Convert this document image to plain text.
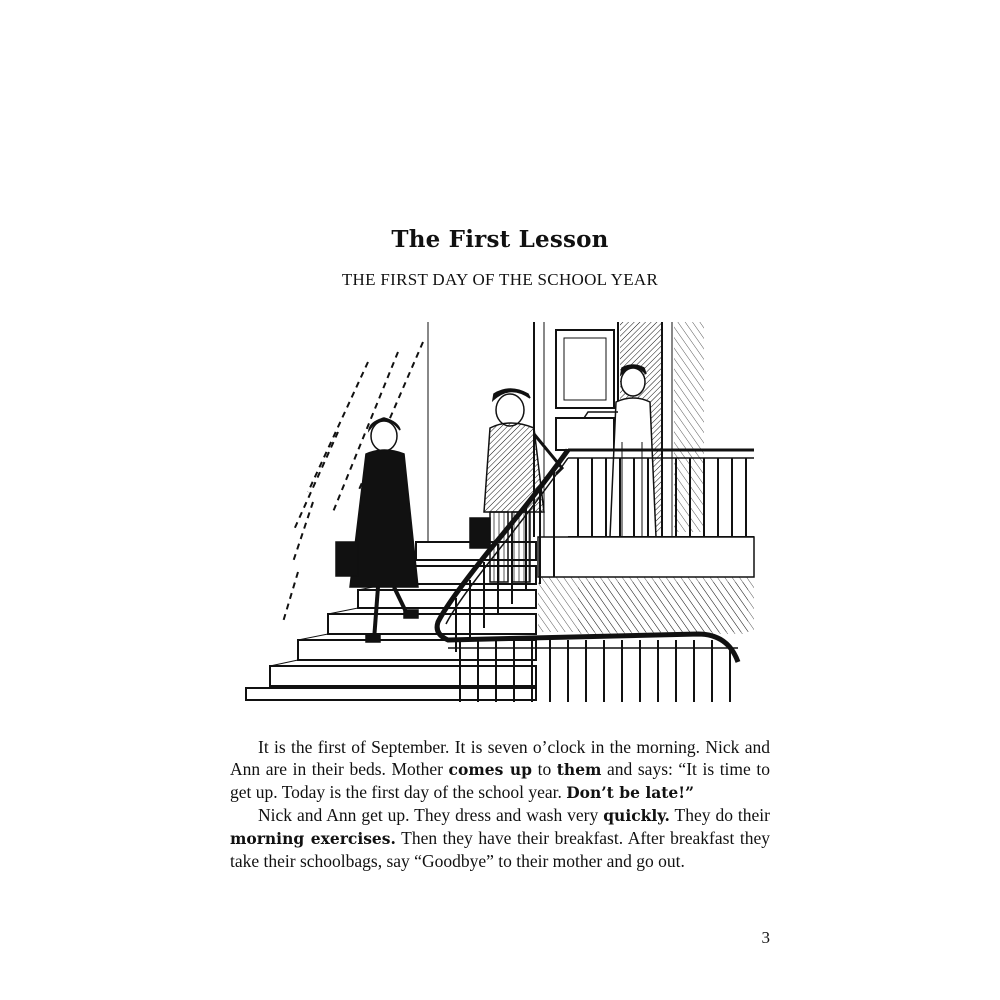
The First Lesson
THE FIRST DAY OF THE SCHOOL YEAR

It is the first of September. It is seven o’clock in the morning. Nick and Ann are in their beds. Mother comes up to them and says: “It is time to get up. Today is the first day of the school year. Don’t be late!”

Nick and Ann get up. They dress and wash very quickly. They do their morning exercises. Then they have their breakfast. After breakfast they take their schoolbags, say “Goodbye” to their mother and go out.

3
